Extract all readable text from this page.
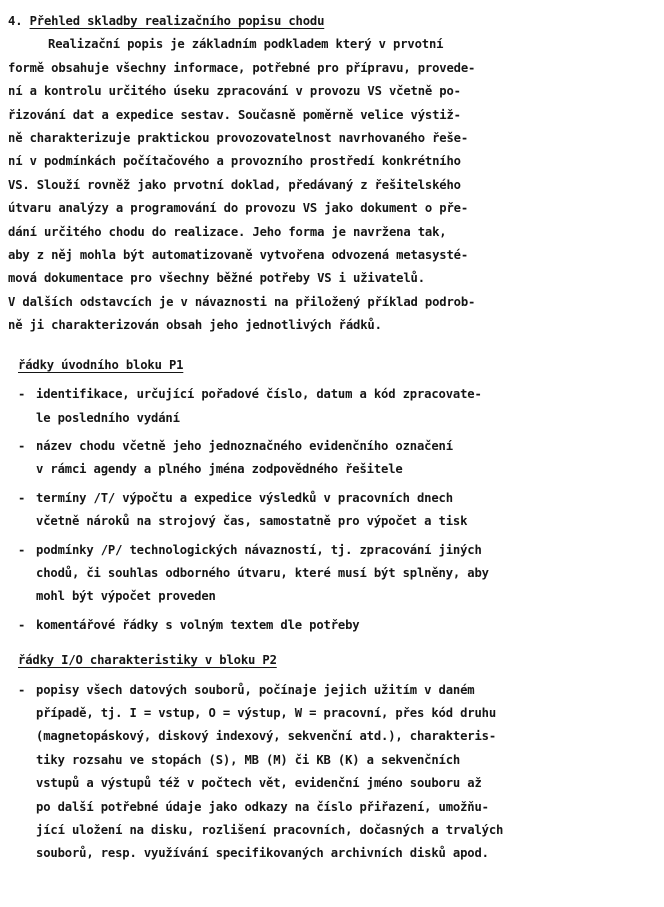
4. Přehled skladby realizačního popisu chodu
Realizační popis je základním podkladem který v prvotní
formě obsahuje všechny informace, potřebné pro přípravu, provede-
ní a kontrolu určitého úseku zpracování v provozu VS včetně po-
řizování dat a expedice sestav. Současně poměrně velice výstiž-
ně charakterizuje praktickou provozovatelnost navrhovaného řeše-
ní v podmínkách počítačového a provozního prostředí konkrétního
VS. Slouží rovněž jako prvotní doklad, předávaný z řešitelského
útvaru analýzy a programování do provozu VS jako dokument o pře-
dání určitého chodu do realizace. Jeho forma je navržena tak,
aby z něj mohla být automatizovaně vytvořena odvozená metasysté-
mová dokumentace pro všechny běžné potřeby VS i uživatelů.
V dalších odstavcích je v návaznosti na přiložený příklad podrob-
ně ji charakterizován obsah jeho jednotlivých řádků.
řádky úvodního bloku P1
- identifikace, určující pořadové číslo, datum a kód zpracovate-
le posledního vydání
- název chodu včetně jeho jednoznačného evidenčního označení
v rámci agendy a plného jména zodpovědného řešitele
- termíny /T/ výpočtu a expedice výsledků v pracovních dnech
včetně nároků na strojový čas, samostatně pro výpočet a tisk
- podmínky /P/ technologických návazností, tj. zpracování jiných
chodů, či souhlas odborného útvaru, které musí být splněny, aby
mohl být výpočet proveden
- komentářové řádky s volným textem dle potřeby
řádky I/O charakteristiky v bloku P2
- popisy všech datových souborů, počínaje jejich užitím v daném
případě, tj. I = vstup, O = výstup, W = pracovní, přes kód druhu
(magnetopáskový, diskový indexový, sekvenční atd.), charakteris-
tiky rozsahu ve stopách (S), MB (M) či KB (K) a sekvenčních
vstupů a výstupů též v počtech vět, evidenční jméno souboru až
po další potřebné údaje jako odkazy na číslo přiřazení, umožňu-
jící uložení na disku, rozlišení pracovních, dočasných a trvalých
souborů, resp. využívání specifikovaných archivních disků apod.
